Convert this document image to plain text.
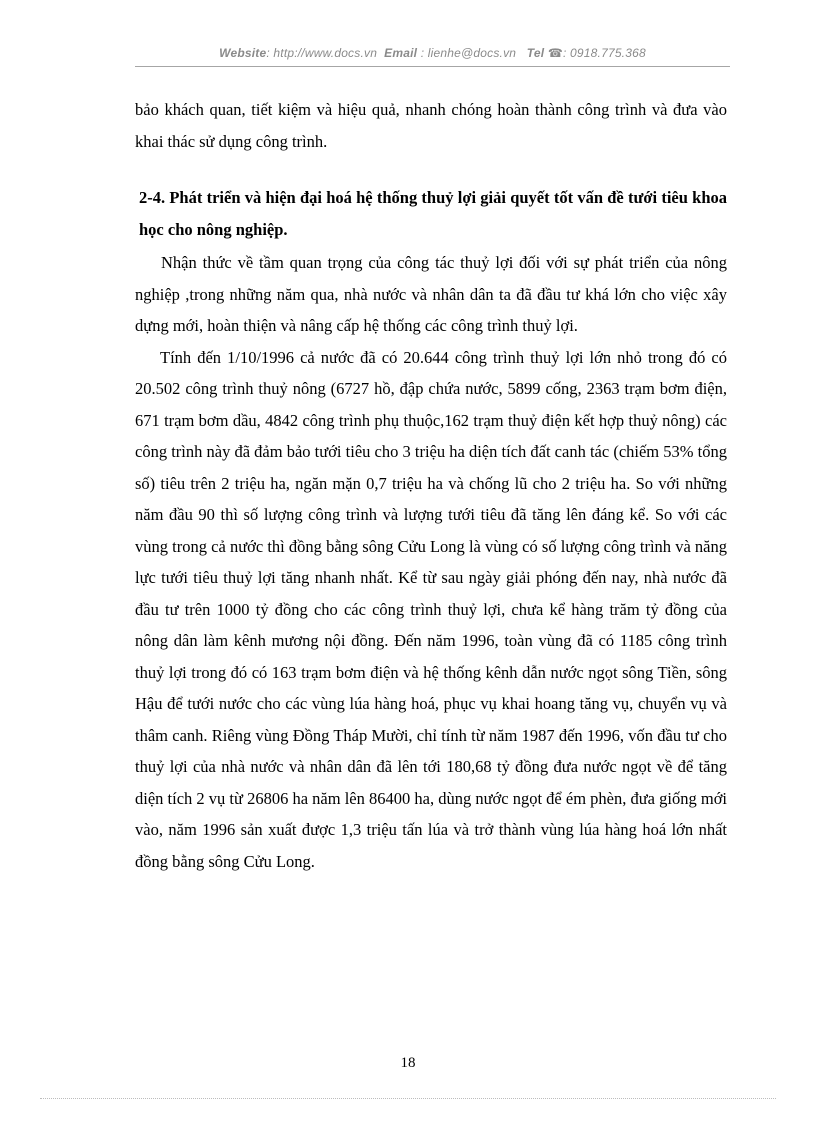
Website: http://www.docs.vn Email : lienhe@docs.vn Tel ☎: 0918.775.368

bảo khách quan, tiết kiệm và hiệu quả, nhanh chóng hoàn thành công trình và đưa vào khai thác sử dụng công trình.

2-4. Phát triển và hiện đại hoá hệ thống thuỷ lợi giải quyết tốt vấn đề tưới tiêu khoa học cho nông nghiệp.

Nhận thức về tầm quan trọng của công tác thuỷ lợi đối với sự phát triển của nông nghiệp ,trong những năm qua, nhà nước và nhân dân ta đã đầu tư khá lớn cho việc xây dựng mới, hoàn thiện và nâng cấp hệ thống các công trình thuỷ lợi.

Tính đến 1/10/1996 cả nước đã có 20.644 công trình thuỷ lợi lớn nhỏ trong đó có 20.502 công trình thuỷ nông (6727 hồ, đập chứa nước, 5899 cống, 2363 trạm bơm điện, 671 trạm bơm dầu, 4842 công trình phụ thuộc,162 trạm thuỷ điện kết hợp thuỷ nông) các công trình này đã đảm bảo tưới tiêu cho 3 triệu ha diện tích đất canh tác (chiếm 53% tổng số) tiêu trên 2 triệu ha, ngăn mặn 0,7 triệu ha và chống lũ cho 2 triệu ha. So với những năm đầu 90 thì số lượng công trình và lượng tưới tiêu đã tăng lên đáng kể. So với các vùng trong cả nước thì đồng bằng sông Cửu Long là vùng có số lượng công trình và năng lực tưới tiêu thuỷ lợi tăng nhanh nhất. Kể từ sau ngày giải phóng đến nay, nhà nước đã đầu tư trên 1000 tỷ đồng cho các công trình thuỷ lợi, chưa kể hàng trăm tỷ đồng của nông dân làm kênh mương nội đồng. Đến năm 1996, toàn vùng đã có 1185 công trình thuỷ lợi trong đó có 163 trạm bơm điện và hệ thống kênh dẫn nước ngọt sông Tiền, sông Hậu để tưới nước cho các vùng lúa hàng hoá, phục vụ khai hoang tăng vụ, chuyển vụ và thâm canh. Riêng vùng Đồng Tháp Mười, chỉ tính từ năm 1987 đến 1996, vốn đầu tư cho thuỷ lợi của nhà nước và nhân dân đã lên tới 180,68 tỷ đồng đưa nước ngọt về để tăng diện tích 2 vụ từ 26806 ha năm lên 86400 ha, dùng nước ngọt để ém phèn, đưa giống mới vào, năm 1996 sản xuất được 1,3 triệu tấn lúa và trở thành vùng lúa hàng hoá lớn nhất đồng bằng sông Cửu Long.

18
